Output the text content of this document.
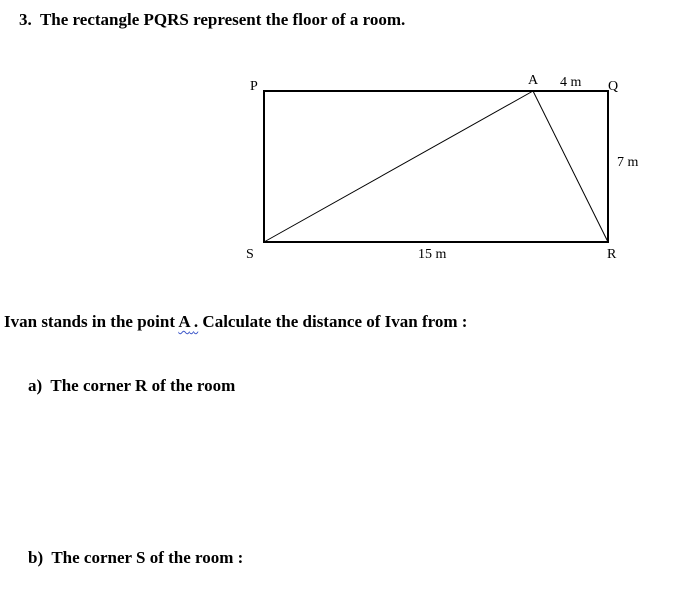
3. The rectangle PQRS represent the floor of a room.
P	Q
R
S
A 4 m
7 m
15 m
Ivan stands in the point A . Calculate the distance of Ivan from :
a) The corner R of the room
b) The corner S of the room :
